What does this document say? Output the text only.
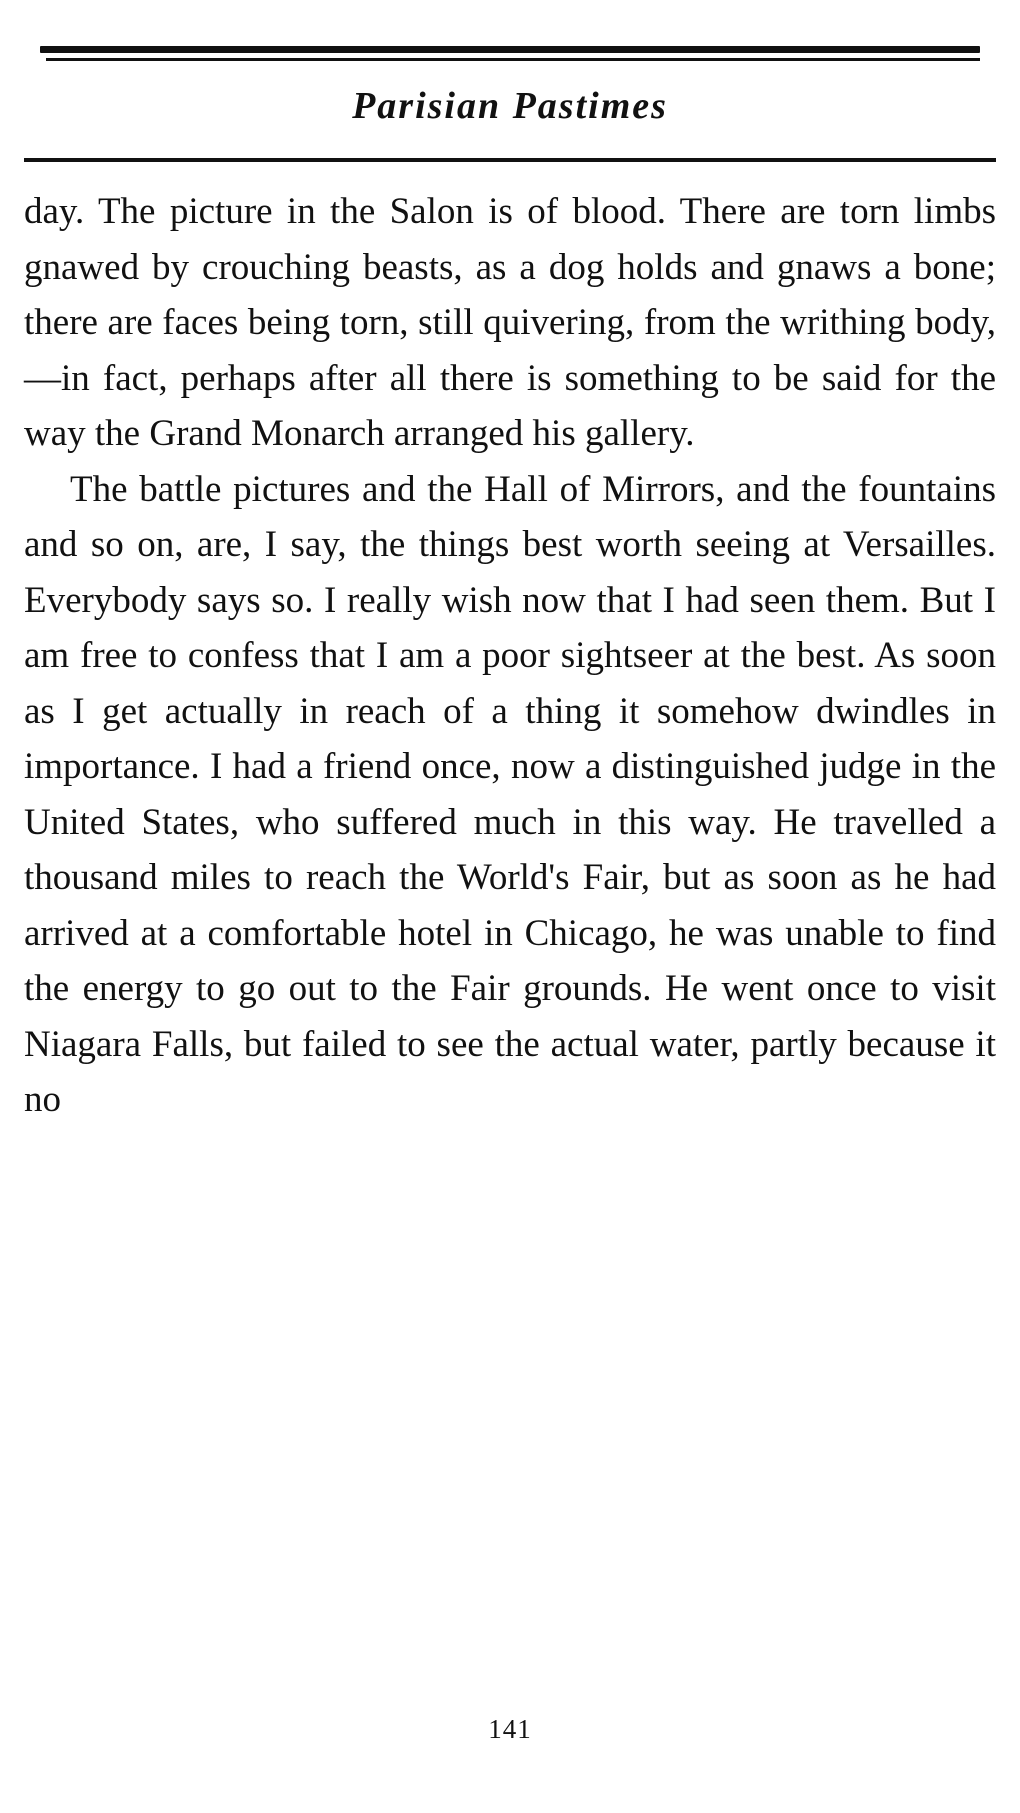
Parisian Pastimes

day. The picture in the Salon is of blood. There are torn limbs gnawed by crouching beasts, as a dog holds and gnaws a bone; there are faces being torn, still quivering, from the writhing body,—in fact, perhaps after all there is something to be said for the way the Grand Monarch arranged his gallery.

The battle pictures and the Hall of Mirrors, and the fountains and so on, are, I say, the things best worth seeing at Versailles. Everybody says so. I really wish now that I had seen them. But I am free to confess that I am a poor sightseer at the best. As soon as I get actually in reach of a thing it somehow dwindles in importance. I had a friend once, now a distinguished judge in the United States, who suffered much in this way. He travelled a thousand miles to reach the World's Fair, but as soon as he had arrived at a comfortable hotel in Chicago, he was unable to find the energy to go out to the Fair grounds. He went once to visit Niagara Falls, but failed to see the actual water, partly because it no

141
